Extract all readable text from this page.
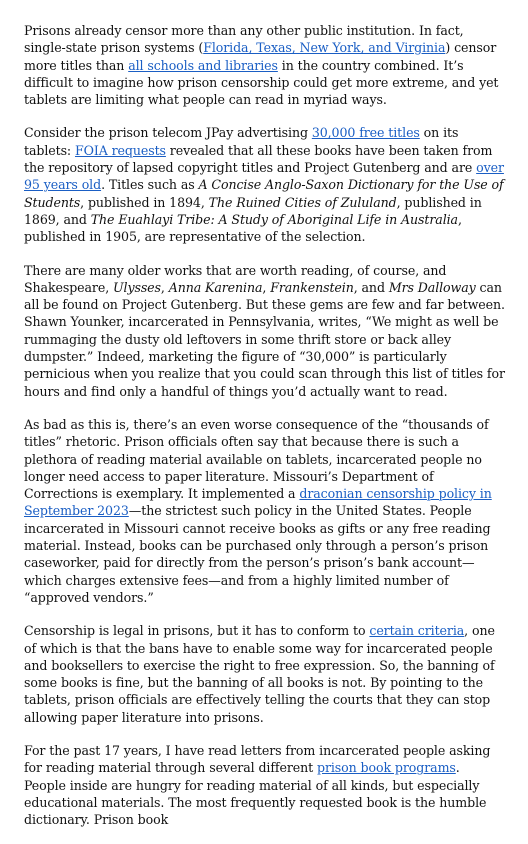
Prisons already censor more than any other public institution. In fact, single-state prison systems (Florida, Texas, New York, and Virginia) censor more titles than all schools and libraries in the country combined. It’s difficult to imagine how prison censorship could get more extreme, and yet tablets are limiting what people can read in myriad ways.

Consider the prison telecom JPay advertising 30,000 free titles on its tablets: FOIA requests revealed that all these books have been taken from the repository of lapsed copyright titles and Project Gutenberg and are over 95 years old. Titles such as A Concise Anglo-Saxon Dictionary for the Use of Students, published in 1894, The Ruined Cities of Zululand, published in 1869, and The Euahlayi Tribe: A Study of Aboriginal Life in Australia, published in 1905, are representative of the selection.

There are many older works that are worth reading, of course, and Shakespeare, Ulysses, Anna Karenina, Frankenstein, and Mrs Dalloway can all be found on Project Gutenberg. But these gems are few and far between. Shawn Younker, incarcerated in Pennsylvania, writes, “We might as well be rummaging the dusty old leftovers in some thrift store or back alley dumpster.” Indeed, marketing the figure of “30,000” is particularly pernicious when you realize that you could scan through this list of titles for hours and find only a handful of things you’d actually want to read.

As bad as this is, there’s an even worse consequence of the “thousands of titles” rhetoric. Prison officials often say that because there is such a plethora of reading material available on tablets, incarcerated people no longer need access to paper literature. Missouri’s Department of Corrections is exemplary. It implemented a draconian censorship policy in September 2023—the strictest such policy in the United States. People incarcerated in Missouri cannot receive books as gifts or any free reading material. Instead, books can be purchased only through a person’s prison caseworker, paid for directly from the person’s prison’s bank account—which charges extensive fees—and from a highly limited number of “approved vendors.”

Censorship is legal in prisons, but it has to conform to certain criteria, one of which is that the bans have to enable some way for incarcerated people and booksellers to exercise the right to free expression. So, the banning of some books is fine, but the banning of all books is not. By pointing to the tablets, prison officials are effectively telling the courts that they can stop allowing paper literature into prisons.

For the past 17 years, I have read letters from incarcerated people asking for reading material through several different prison book programs. People inside are hungry for reading material of all kinds, but especially educational materials. The most frequently requested book is the humble dictionary. Prison book
